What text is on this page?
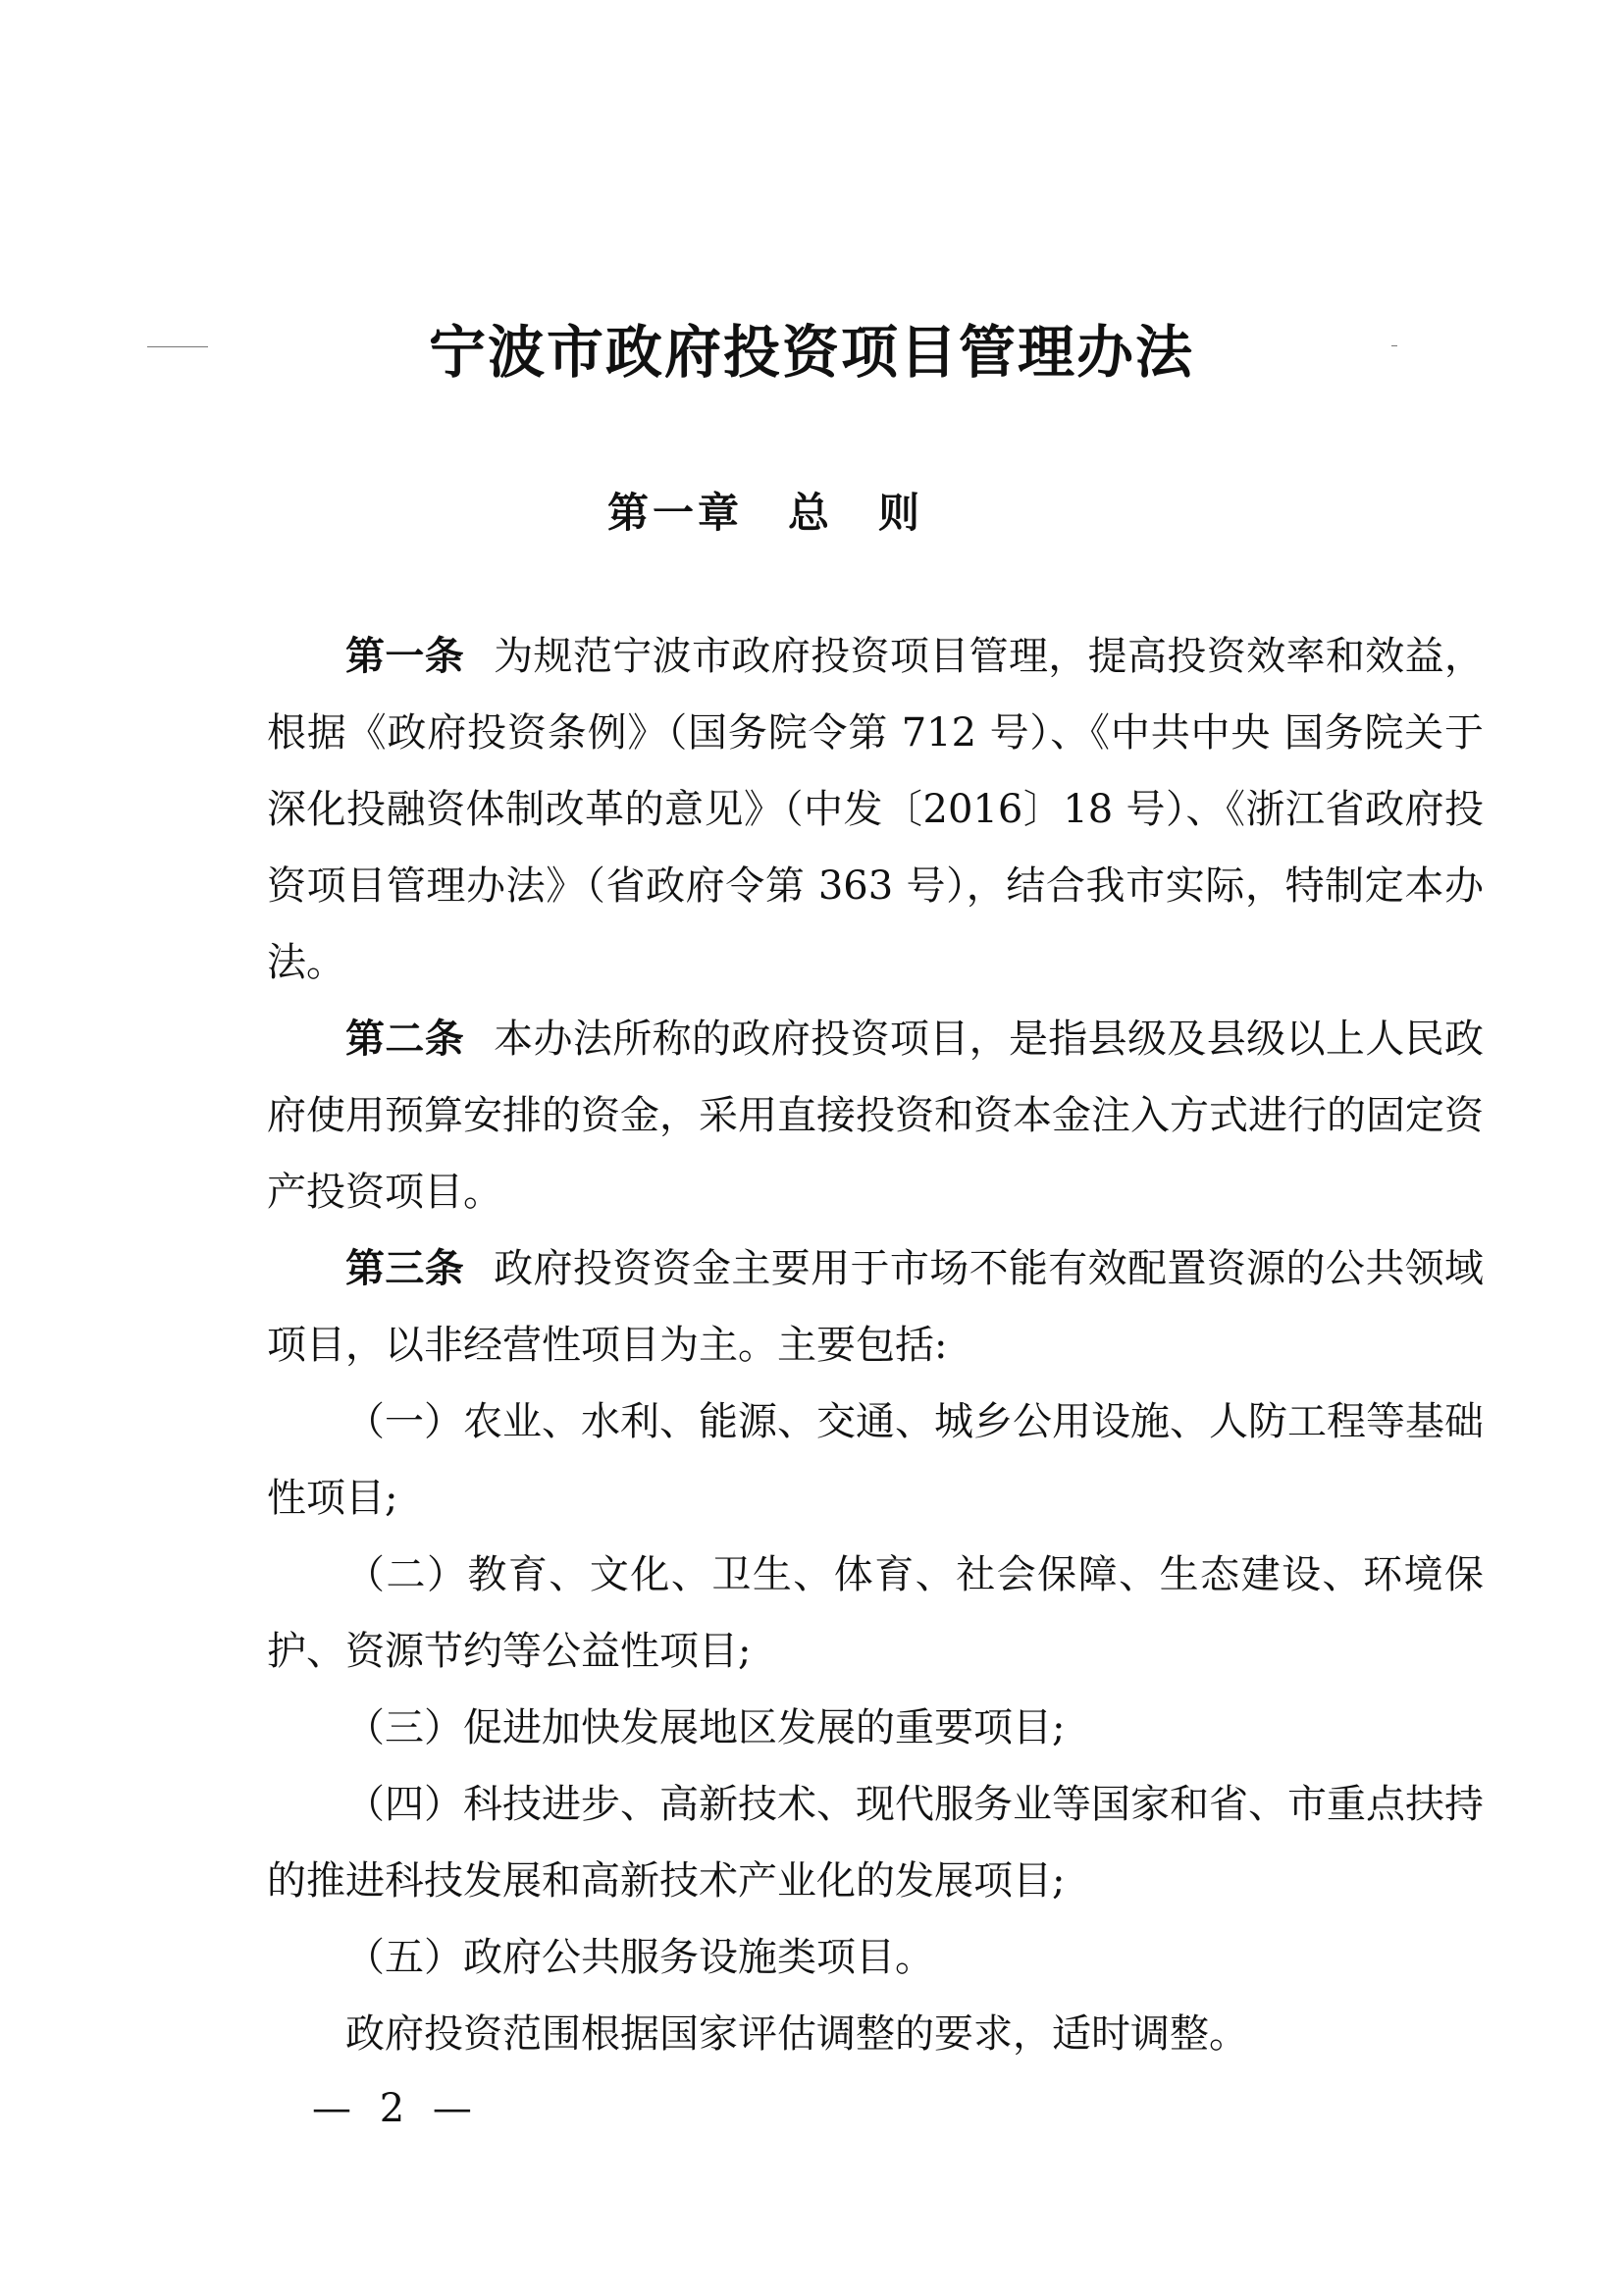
宁波市政府投资项目管理办法
第一章　总　则

第一条 为规范宁波市政府投资项目管理，提高投资效率和效益，根据《政府投资条例》（国务院令第 712 号）、《中共中央 国务院关于深化投融资体制改革的意见》（中发〔2016〕18 号）、《浙江省政府投资项目管理办法》（省政府令第 363 号），结合我市实际，特制定本办法。

第二条 本办法所称的政府投资项目，是指县级及县级以上人民政府使用预算安排的资金，采用直接投资和资本金注入方式进行的固定资产投资项目。

第三条 政府投资资金主要用于市场不能有效配置资源的公共领域项目，以非经营性项目为主。主要包括:

（一）农业、水利、能源、交通、城乡公用设施、人防工程等基础性项目;

（二）教育、文化、卫生、体育、社会保障、生态建设、环境保护、资源节约等公益性项目;

（三）促进加快发展地区发展的重要项目;

（四）科技进步、高新技术、现代服务业等国家和省、市重点扶持的推进科技发展和高新技术产业化的发展项目;

（五）政府公共服务设施类项目。

政府投资范围根据国家评估调整的要求，适时调整。

— 2 —
